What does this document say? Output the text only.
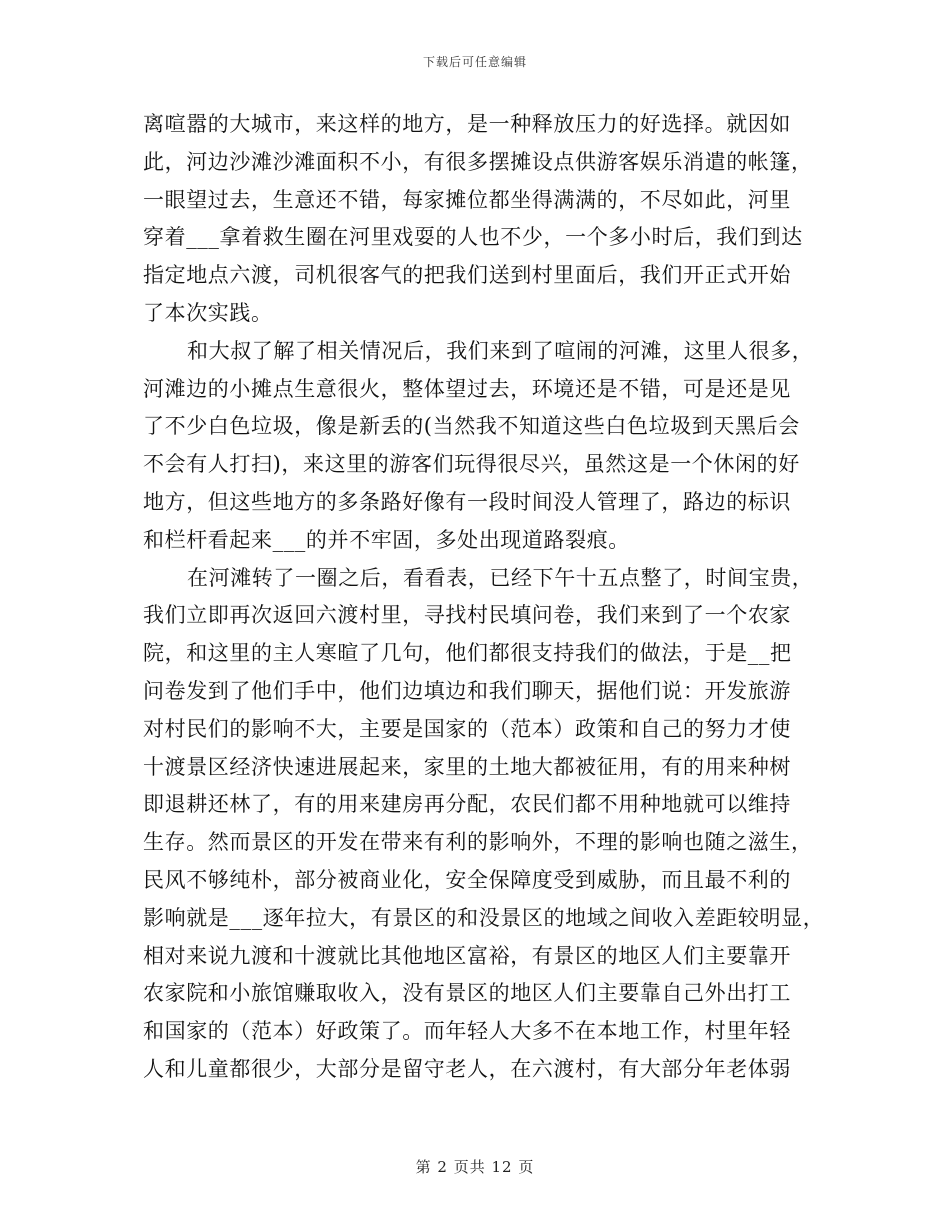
下载后可任意编辑

离喧嚣的大城市，来这样的地方，是一种释放压力的好选择。就因如
此，河边沙滩沙滩面积不小，有很多摆摊设点供游客娱乐消遣的帐篷，
一眼望过去，生意还不错，每家摊位都坐得满满的，不尽如此，河里
穿着___拿着救生圈在河里戏耍的人也不少，一个多小时后，我们到达
指定地点六渡，司机很客气的把我们送到村里面后，我们开正式开始
了本次实践。

和大叔了解了相关情况后，我们来到了喧闹的河滩，这里人很多，
河滩边的小摊点生意很火，整体望过去，环境还是不错，可是还是见
了不少白色垃圾，像是新丢的(当然我不知道这些白色垃圾到天黑后会
不会有人打扫)，来这里的游客们玩得很尽兴，虽然这是一个休闲的好
地方，但这些地方的多条路好像有一段时间没人管理了，路边的标识
和栏杆看起来___的并不牢固，多处出现道路裂痕。

在河滩转了一圈之后，看看表，已经下午十五点整了，时间宝贵，
我们立即再次返回六渡村里，寻找村民填问卷，我们来到了一个农家
院，和这里的主人寒暄了几句，他们都很支持我们的做法，于是__把
问卷发到了他们手中，他们边填边和我们聊天，据他们说：开发旅游
对村民们的影响不大，主要是国家的（范本）政策和自己的努力才使
十渡景区经济快速进展起来，家里的土地大都被征用，有的用来种树
即退耕还林了，有的用来建房再分配，农民们都不用种地就可以维持
生存。然而景区的开发在带来有利的影响外，不理的影响也随之滋生，
民风不够纯朴，部分被商业化，安全保障度受到威胁，而且最不利的
影响就是___逐年拉大，有景区的和没景区的地域之间收入差距较明显，
相对来说九渡和十渡就比其他地区富裕，有景区的地区人们主要靠开
农家院和小旅馆赚取收入，没有景区的地区人们主要靠自己外出打工
和国家的（范本）好政策了。而年轻人大多不在本地工作，村里年轻
人和儿童都很少，大部分是留守老人，在六渡村，有大部分年老体弱

第 2 页共 12 页
